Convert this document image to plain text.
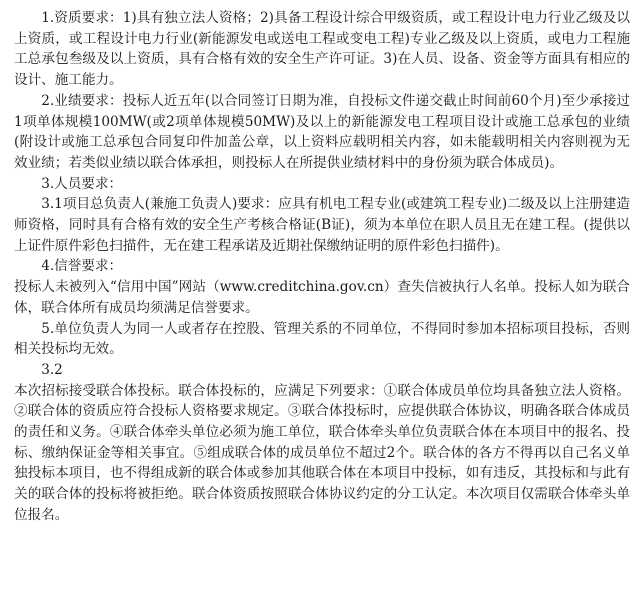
1.资质要求：1)具有独立法人资格；2)具备工程设计综合甲级资质，或工程设计电力行业乙级及以上资质，或工程设计电力行业(新能源发电或送电工程或变电工程)专业乙级及以上资质，或电力工程施工总承包叁级及以上资质，具有合格有效的安全生产许可证。3)在人员、设备、资金等方面具有相应的设计、施工能力。

2.业绩要求：投标人近五年(以合同签订日期为准，自投标文件递交截止时间前60个月)至少承接过1项单体规模100MW(或2项单体规模50MW)及以上的新能源发电工程项目设计或施工总承包的业绩(附设计或施工总承包合同复印件加盖公章，以上资料应载明相关内容，如未能载明相关内容则视为无效业绩；若类似业绩以联合体承担，则投标人在所提供业绩材料中的身份须为联合体成员)。

3.人员要求：

3.1项目总负责人(兼施工负责人)要求：应具有机电工程专业(或建筑工程专业)二级及以上注册建造师资格，同时具有合格有效的安全生产考核合格证(B证)，须为本单位在职人员且无在建工程。(提供以上证件原件彩色扫描件，无在建工程承诺及近期社保缴纳证明的原件彩色扫描件)。

4.信誉要求：

投标人未被列入“信用中国”网站（www.creditchina.gov.cn）查失信被执行人名单。投标人如为联合体，联合体所有成员均须满足信誉要求。

5.单位负责人为同一人或者存在控股、管理关系的不同单位，不得同时参加本招标项目投标，否则相关投标均无效。

3.2

本次招标接受联合体投标。联合体投标的，应满足下列要求：①联合体成员单位均具备独立法人资格。②联合体的资质应符合投标人资格要求规定。③联合体投标时，应提供联合体协议，明确各联合体成员的责任和义务。④联合体牵头单位必须为施工单位，联合体牵头单位负责联合体在本项目中的报名、投标、缴纳保证金等相关事宜。⑤组成联合体的成员单位不超过2个。联合体的各方不得再以自己名义单独投标本项目，也不得组成新的联合体或参加其他联合体在本项目中投标，如有违反，其投标和与此有关的联合体的投标将被拒绝。联合体资质按照联合体协议约定的分工认定。本次项目仅需联合体牵头单位报名。
